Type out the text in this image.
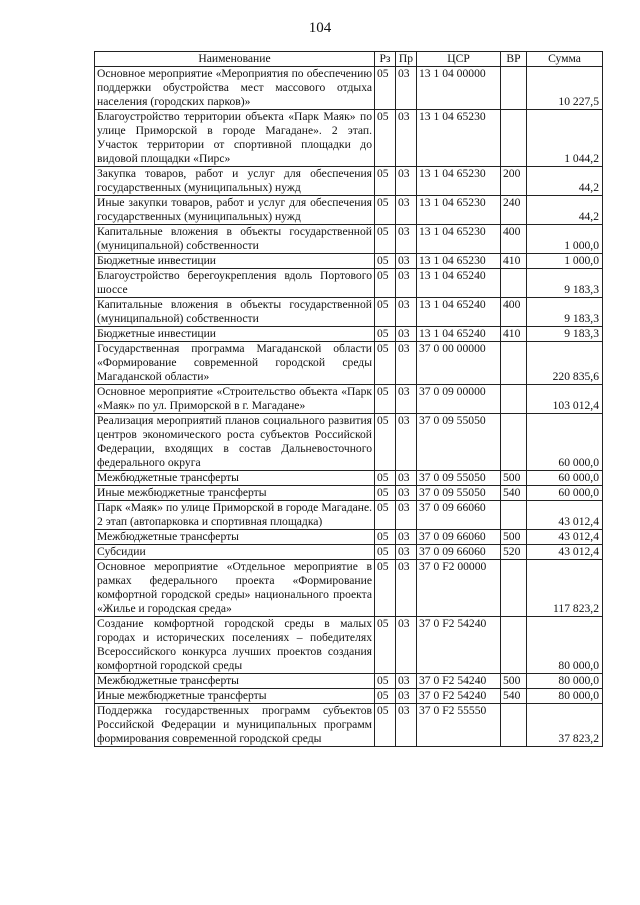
104
Наименование	Рз	Пр	ЦСР	ВР	Сумма
Основное мероприятие «Мероприятия по обеспечению поддержки обустройства мест массового отдыха населения (городских парков)»	05	03	13 1 04 00000		10 227,5
Благоустройство территории объекта «Парк Маяк» по улице Приморской в городе Магадане». 2 этап. Участок территории от спортивной площадки до видовой площадки «Пирс»	05	03	13 1 04 65230		1 044,2
Закупка товаров, работ и услуг для обеспечения государственных (муниципальных) нужд	05	03	13 1 04 65230	200	44,2
Иные закупки товаров, работ и услуг для обеспечения государственных (муниципальных) нужд	05	03	13 1 04 65230	240	44,2
Капитальные вложения в объекты государственной (муниципальной) собственности	05	03	13 1 04 65230	400	1 000,0
Бюджетные инвестиции	05	03	13 1 04 65230	410	1 000,0
Благоустройство берегоукрепления вдоль Портового шоссе	05	03	13 1 04 65240		9 183,3
Капитальные вложения в объекты государственной (муниципальной) собственности	05	03	13 1 04 65240	400	9 183,3
Бюджетные инвестиции	05	03	13 1 04 65240	410	9 183,3
Государственная программа Магаданской области «Формирование современной городской среды Магаданской области»	05	03	37 0 00 00000		220 835,6
Основное мероприятие «Строительство объекта «Парк «Маяк» по ул. Приморской в г. Магадане»	05	03	37 0 09 00000		103 012,4
Реализация мероприятий планов социального развития центров экономического роста субъектов Российской Федерации, входящих в состав Дальневосточного федерального округа	05	03	37 0 09 55050		60 000,0
Межбюджетные трансферты	05	03	37 0 09 55050	500	60 000,0
Иные межбюджетные трансферты	05	03	37 0 09 55050	540	60 000,0
Парк «Маяк» по улице Приморской в городе Магадане. 2 этап (автопарковка и спортивная площадка)	05	03	37 0 09 66060		43 012,4
Межбюджетные трансферты	05	03	37 0 09 66060	500	43 012,4
Субсидии	05	03	37 0 09 66060	520	43 012,4
Основное мероприятие «Отдельное мероприятие в рамках федерального проекта «Формирование комфортной городской среды» национального проекта «Жилье и городская среда»	05	03	37 0 F2 00000		117 823,2
Создание комфортной городской среды в малых городах и исторических поселениях – победителях Всероссийского конкурса лучших проектов создания комфортной городской среды	05	03	37 0 F2 54240		80 000,0
Межбюджетные трансферты	05	03	37 0 F2 54240	500	80 000,0
Иные межбюджетные трансферты	05	03	37 0 F2 54240	540	80 000,0
Поддержка государственных программ субъектов Российской Федерации и муниципальных программ формирования современной городской среды	05	03	37 0 F2 55550		37 823,2
